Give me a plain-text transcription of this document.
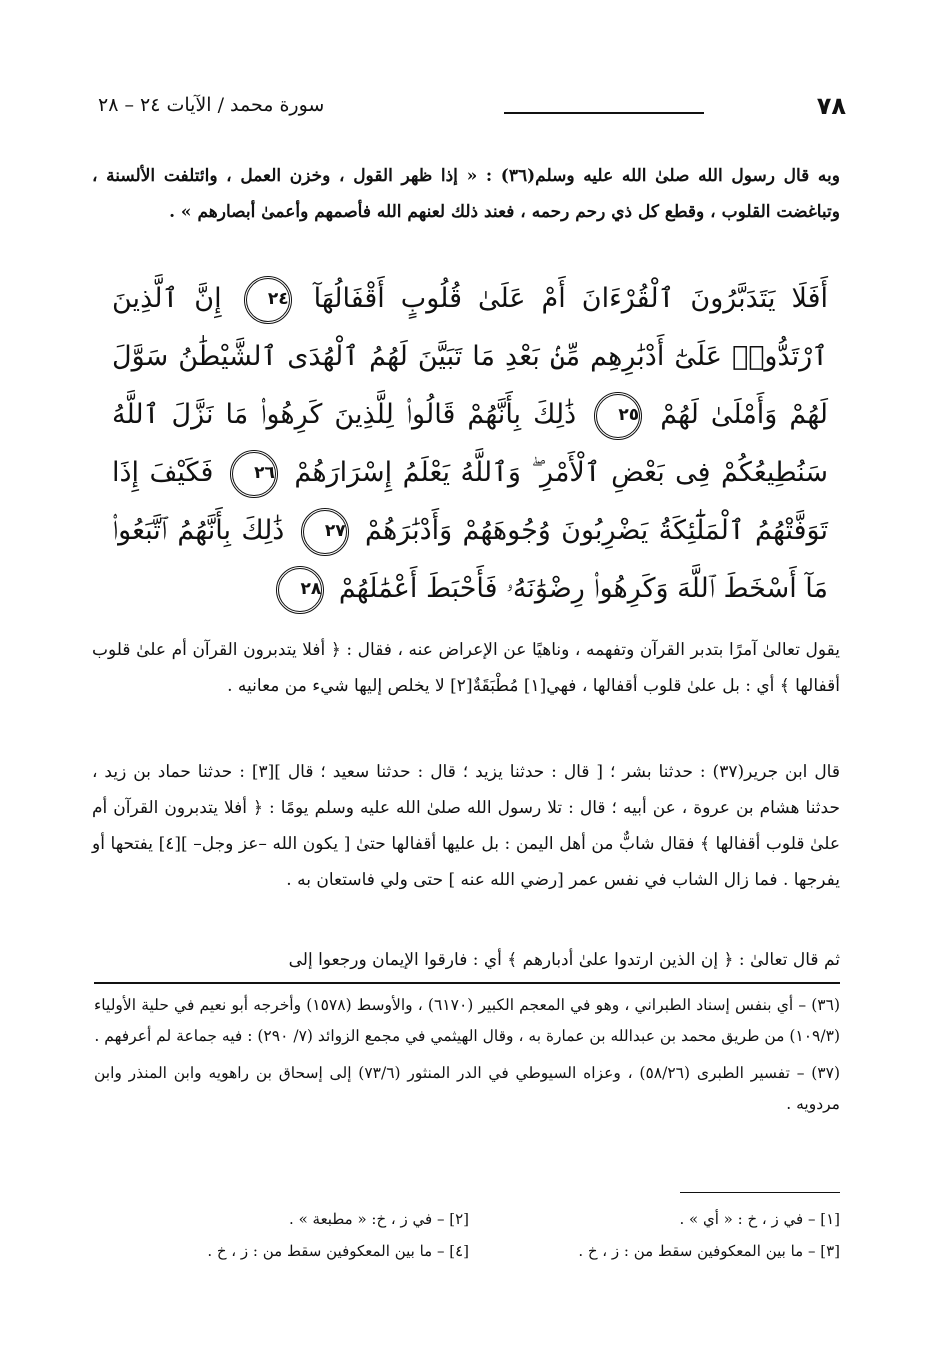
٧٨
سورة محمد / الآيات ٢٤ – ٢٨
وبه قال رسول الله صلىٰ الله عليه وسلم(٣٦) : « إذا ظهر القول ، وخزن العمل ، وائتلفت الألسنة ، وتباغضت القلوب ، وقطع كل ذي رحم رحمه ، فعند ذلك لعنهم الله فأصمهم وأعمىٰ أبصارهم » .
أَفَلَا يَتَدَبَّرُونَ ٱلْقُرْءَانَ أَمْ عَلَىٰ قُلُوبٍ أَقْفَالُهَآ ٢٤ إِنَّ ٱلَّذِينَ ٱرْتَدُّوا۟ عَلَىٰٓ أَدْبَٰرِهِم مِّنۢ بَعْدِ مَا تَبَيَّنَ لَهُمُ ٱلْهُدَى ٱلشَّيْطَٰنُ سَوَّلَ لَهُمْ وَأَمْلَىٰ لَهُمْ ٢٥ ذَٰلِكَ بِأَنَّهُمْ قَالُوا۟ لِلَّذِينَ كَرِهُوا۟ مَا نَزَّلَ ٱللَّهُ سَنُطِيعُكُمْ فِى بَعْضِ ٱلْأَمْرِ ۖ وَٱللَّهُ يَعْلَمُ إِسْرَارَهُمْ ٢٦ فَكَيْفَ إِذَا تَوَفَّتْهُمُ ٱلْمَلَٰٓئِكَةُ يَضْرِبُونَ وُجُوهَهُمْ وَأَدْبَٰرَهُمْ ٢٧ ذَٰلِكَ بِأَنَّهُمُ ٱتَّبَعُوا۟ مَآ أَسْخَطَ ٱللَّهَ وَكَرِهُوا۟ رِضْوَٰنَهُۥ فَأَحْبَطَ أَعْمَٰلَهُمْ ٢٨
يقول تعالىٰ آمرًا بتدبر القرآن وتفهمه ، وناهيًا عن الإعراض عنه ، فقال : ﴿ أفلا يتدبرون القرآن أم علىٰ قلوب أقفالها ﴾ أي : بل علىٰ قلوب أقفالها ، فهي[١] مُطْبَقَةٌ[٢] لا يخلص إليها شيء من معانيه .
قال ابن جرير(٣٧) : حدثنا بشر ؛ [ قال : حدثنا يزيد ؛ قال : حدثنا سعيد ؛ قال ][٣] : حدثنا حماد بن زيد ، حدثنا هشام بن عروة ، عن أبيه ؛ قال : تلا رسول الله صلىٰ الله عليه وسلم يومًا : ﴿ أفلا يتدبرون القرآن أم علىٰ قلوب أقفالها ﴾ فقال شابٌّ من أهل اليمن : بل عليها أقفالها حتىٰ [ يكون الله –عز وجل– ][٤] يفتحها أو يفرجها . فما زال الشاب في نفس عمر [رضي الله عنه ] حتى ولي فاستعان به .
ثم قال تعالىٰ : ﴿ إن الذين ارتدوا علىٰ أدبارهم ﴾ أي : فارقوا الإيمان ورجعوا إلى

(٣٦) – أي بنفس إسناد الطبراني ، وهو في المعجم الكبير (٦١٧٠) ، والأوسط (١٥٧٨) وأخرجه أبو نعيم في حلية الأولياء (١٠٩/٣) من طريق محمد بن عبدالله بن عمارة به ، وقال الهيثمي في مجمع الزوائد (٧/ ٢٩٠) : فيه جماعة لم أعرفهم .

(٣٧) – تفسير الطبرى (٥٨/٢٦) ، وعزاه السيوطي في الدر المنثور (٧٣/٦) إلى إسحاق بن راهويه وابن المنذر وابن مردويه .

[١] – في ز ، خ : « أي » .
[٢] – في ز ، خ: « مطبعة » .
[٣] – ما بين المعكوفين سقط من : ز ، خ .
[٤] – ما بين المعكوفين سقط من : ز ، خ .
